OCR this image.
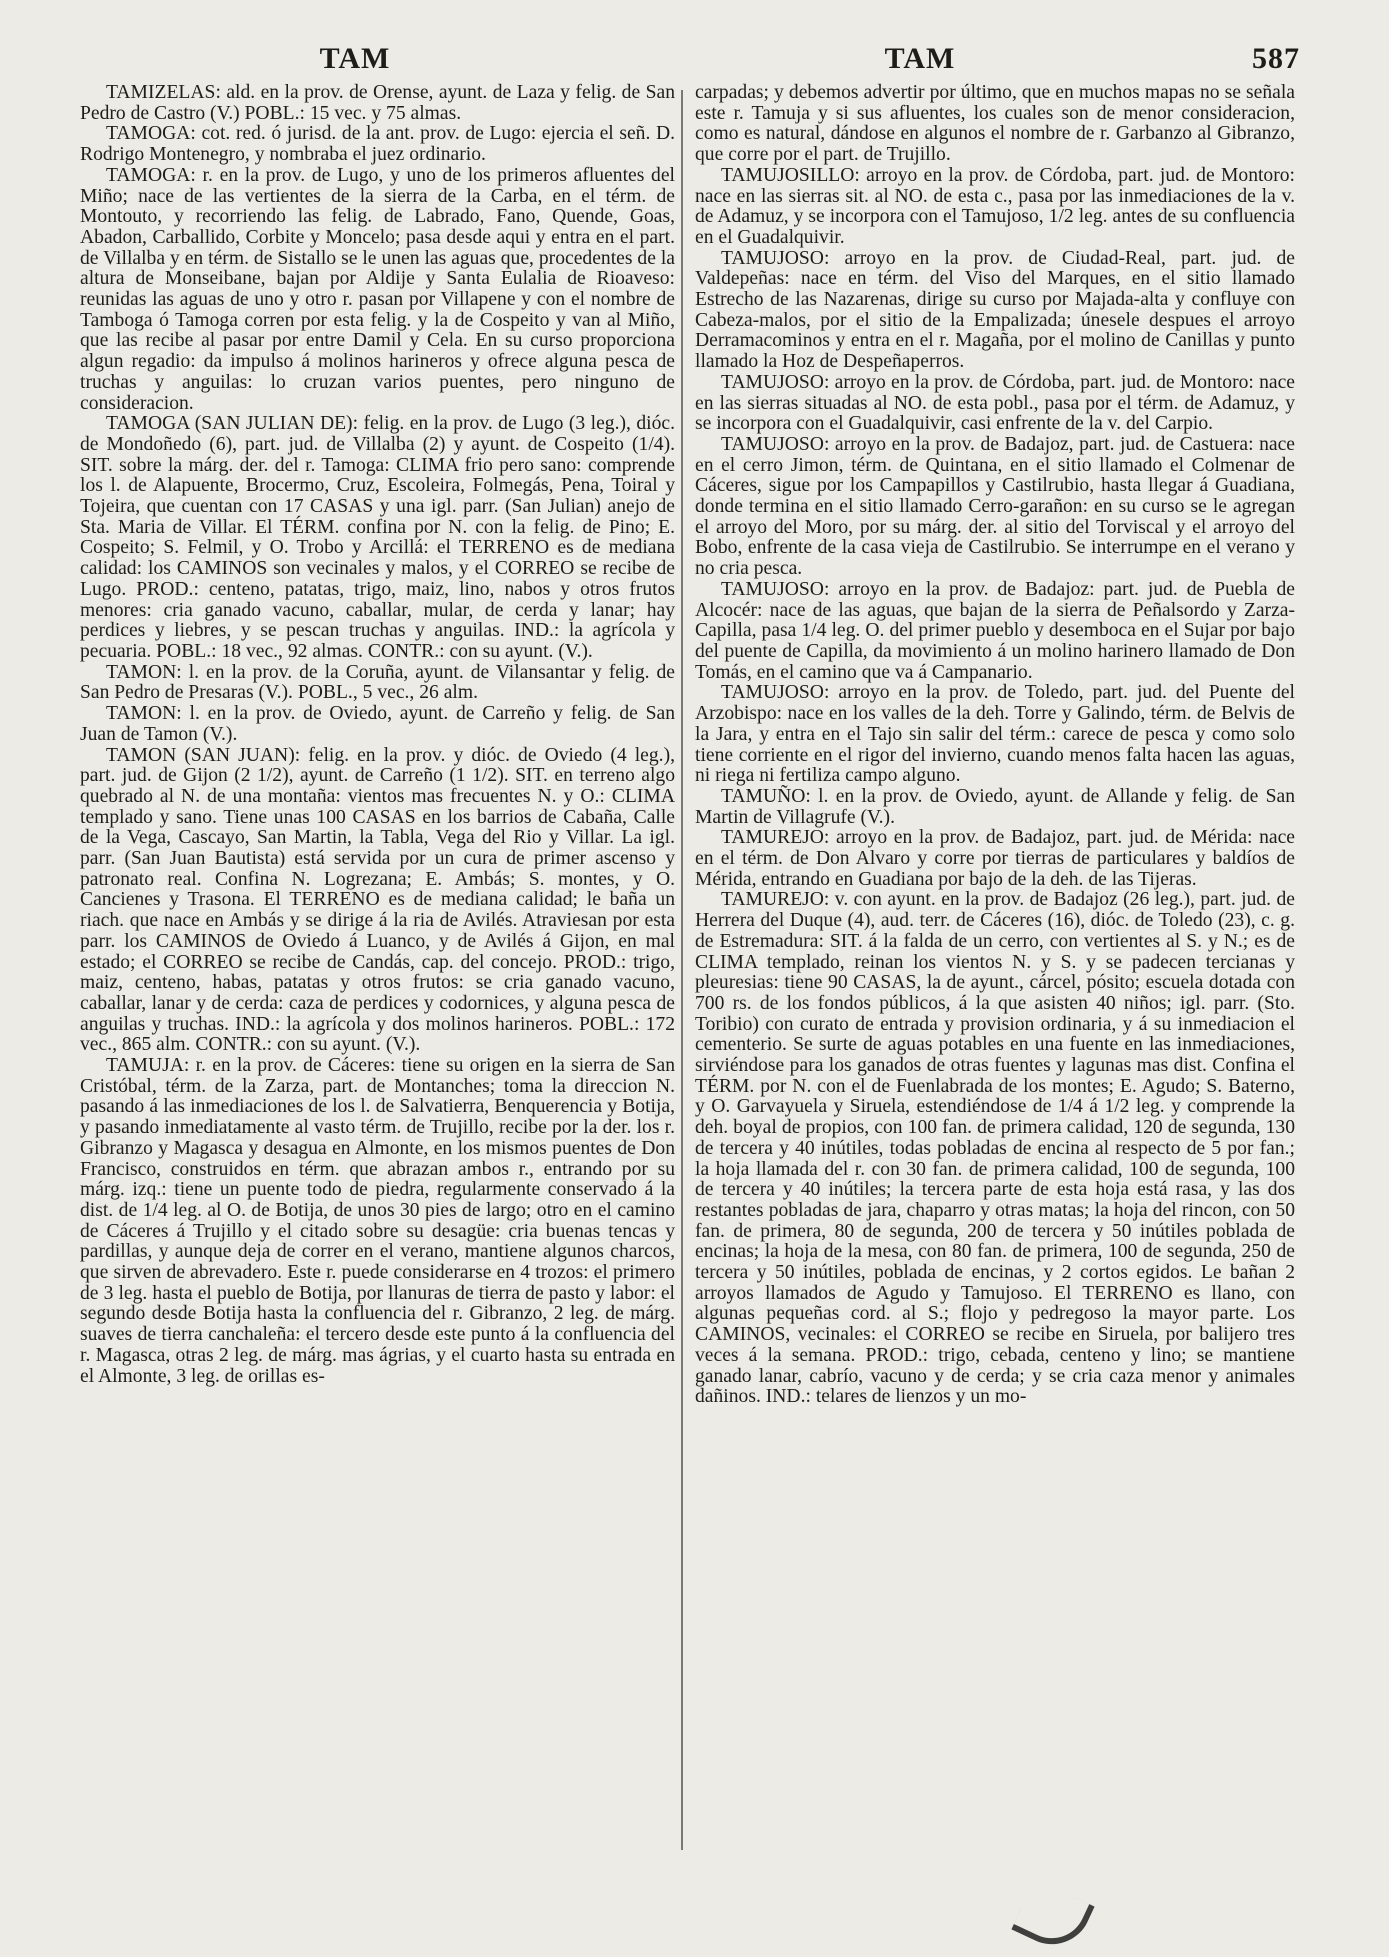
TAM	TAM	587

TAMIZELAS: ald. en la prov. de Orense, ayunt. de Laza y felig. de San Pedro de Castro (V.) POBL.: 15 vec. y 75 almas.

TAMOGA: cot. red. ó jurisd. de la ant. prov. de Lugo: ejercia el señ. D. Rodrigo Montenegro, y nombraba el juez ordinario.

TAMOGA: r. en la prov. de Lugo, y uno de los primeros afluentes del Miño; nace de las vertientes de la sierra de la Carba, en el térm. de Montouto, y recorriendo las felig. de Labrado, Fano, Quende, Goas, Abadon, Carballido, Corbite y Moncelo; pasa desde aqui y entra en el part. de Villalba y en térm. de Sistallo se le unen las aguas que, procedentes de la altura de Monseibane, bajan por Aldije y Santa Eulalia de Rioaveso: reunidas las aguas de uno y otro r. pasan por Villapene y con el nombre de Tamboga ó Tamoga corren por esta felig. y la de Cospeito y van al Miño, que las recibe al pasar por entre Damil y Cela. En su curso proporciona algun regadio: da impulso á molinos harineros y ofrece alguna pesca de truchas y anguilas: lo cruzan varios puentes, pero ninguno de consideracion.

TAMOGA (SAN JULIAN DE): felig. en la prov. de Lugo (3 leg.), dióc. de Mondoñedo (6), part. jud. de Villalba (2) y ayunt. de Cospeito (1/4). SIT. sobre la márg. der. del r. Tamoga: CLIMA frio pero sano: comprende los l. de Alapuente, Brocermo, Cruz, Escoleira, Folmegás, Pena, Toiral y Tojeira, que cuentan con 17 CASAS y una igl. parr. (San Julian) anejo de Sta. Maria de Villar. El TÉRM. confina por N. con la felig. de Pino; E. Cospeito; S. Felmil, y O. Trobo y Arcillá: el TERRENO es de mediana calidad: los CAMINOS son vecinales y malos, y el CORREO se recibe de Lugo. PROD.: centeno, patatas, trigo, maiz, lino, nabos y otros frutos menores: cria ganado vacuno, caballar, mular, de cerda y lanar; hay perdices y liebres, y se pescan truchas y anguilas. IND.: la agrícola y pecuaria. POBL.: 18 vec., 92 almas. CONTR.: con su ayunt. (V.).

TAMON: l. en la prov. de la Coruña, ayunt. de Vilansantar y felig. de San Pedro de Presaras (V.). POBL., 5 vec., 26 alm.

TAMON: l. en la prov. de Oviedo, ayunt. de Carreño y felig. de San Juan de Tamon (V.).

TAMON (SAN JUAN): felig. en la prov. y dióc. de Oviedo (4 leg.), part. jud. de Gijon (2 1/2), ayunt. de Carreño (1 1/2). SIT. en terreno algo quebrado al N. de una montaña: vientos mas frecuentes N. y O.: CLIMA templado y sano. Tiene unas 100 CASAS en los barrios de Cabaña, Calle de la Vega, Cascayo, San Martin, la Tabla, Vega del Rio y Villar. La igl. parr. (San Juan Bautista) está servida por un cura de primer ascenso y patronato real. Confina N. Logrezana; E. Ambás; S. montes, y O. Cancienes y Trasona. El TERRENO es de mediana calidad; le baña un riach. que nace en Ambás y se dirige á la ria de Avilés. Atraviesan por esta parr. los CAMINOS de Oviedo á Luanco, y de Avilés á Gijon, en mal estado; el CORREO se recibe de Candás, cap. del concejo. PROD.: trigo, maiz, centeno, habas, patatas y otros frutos: se cria ganado vacuno, caballar, lanar y de cerda: caza de perdices y codornices, y alguna pesca de anguilas y truchas. IND.: la agrícola y dos molinos harineros. POBL.: 172 vec., 865 alm. CONTR.: con su ayunt. (V.).

TAMUJA: r. en la prov. de Cáceres: tiene su origen en la sierra de San Cristóbal, térm. de la Zarza, part. de Montanches; toma la direccion N. pasando á las inmediaciones de los l. de Salvatierra, Benquerencia y Botija, y pasando inmediatamente al vasto térm. de Trujillo, recibe por la der. los r. Gibranzo y Magasca y desagua en Almonte, en los mismos puentes de Don Francisco, construidos en térm. que abrazan ambos r., entrando por su márg. izq.: tiene un puente todo de piedra, regularmente conservado á la dist. de 1/4 leg. al O. de Botija, de unos 30 pies de largo; otro en el camino de Cáceres á Trujillo y el citado sobre su desagüe: cria buenas tencas y pardillas, y aunque deja de correr en el verano, mantiene algunos charcos, que sirven de abrevadero. Este r. puede considerarse en 4 trozos: el primero de 3 leg. hasta el pueblo de Botija, por llanuras de tierra de pasto y labor: el segundo desde Botija hasta la confluencia del r. Gibranzo, 2 leg. de márg. suaves de tierra canchaleña: el tercero desde este punto á la confluencia del r. Magasca, otras 2 leg. de márg. mas ágrias, y el cuarto hasta su entrada en el Almonte, 3 leg. de orillas es-

carpadas; y debemos advertir por último, que en muchos mapas no se señala este r. Tamuja y si sus afluentes, los cuales son de menor consideracion, como es natural, dándose en algunos el nombre de r. Garbanzo al Gibranzo, que corre por el part. de Trujillo.

TAMUJOSILLO: arroyo en la prov. de Córdoba, part. jud. de Montoro: nace en las sierras sit. al NO. de esta c., pasa por las inmediaciones de la v. de Adamuz, y se incorpora con el Tamujoso, 1/2 leg. antes de su confluencia en el Guadalquivir.

TAMUJOSO: arroyo en la prov. de Ciudad-Real, part. jud. de Valdepeñas: nace en térm. del Viso del Marques, en el sitio llamado Estrecho de las Nazarenas, dirige su curso por Majada-alta y confluye con Cabeza-malos, por el sitio de la Empalizada; únesele despues el arroyo Derramacominos y entra en el r. Magaña, por el molino de Canillas y punto llamado la Hoz de Despeñaperros.

TAMUJOSO: arroyo en la prov. de Córdoba, part. jud. de Montoro: nace en las sierras situadas al NO. de esta pobl., pasa por el térm. de Adamuz, y se incorpora con el Guadalquivir, casi enfrente de la v. del Carpio.

TAMUJOSO: arroyo en la prov. de Badajoz, part. jud. de Castuera: nace en el cerro Jimon, térm. de Quintana, en el sitio llamado el Colmenar de Cáceres, sigue por los Campapillos y Castilrubio, hasta llegar á Guadiana, donde termina en el sitio llamado Cerro-garañon: en su curso se le agregan el arroyo del Moro, por su márg. der. al sitio del Torviscal y el arroyo del Bobo, enfrente de la casa vieja de Castilrubio. Se interrumpe en el verano y no cria pesca.

TAMUJOSO: arroyo en la prov. de Badajoz: part. jud. de Puebla de Alcocér: nace de las aguas, que bajan de la sierra de Peñalsordo y Zarza-Capilla, pasa 1/4 leg. O. del primer pueblo y desemboca en el Sujar por bajo del puente de Capilla, da movimiento á un molino harinero llamado de Don Tomás, en el camino que va á Campanario.

TAMUJOSO: arroyo en la prov. de Toledo, part. jud. del Puente del Arzobispo: nace en los valles de la deh. Torre y Galindo, térm. de Belvis de la Jara, y entra en el Tajo sin salir del térm.: carece de pesca y como solo tiene corriente en el rigor del invierno, cuando menos falta hacen las aguas, ni riega ni fertiliza campo alguno.

TAMUÑO: l. en la prov. de Oviedo, ayunt. de Allande y felig. de San Martin de Villagrufe (V.).

TAMUREJO: arroyo en la prov. de Badajoz, part. jud. de Mérida: nace en el térm. de Don Alvaro y corre por tierras de particulares y baldíos de Mérida, entrando en Guadiana por bajo de la deh. de las Tijeras.

TAMUREJO: v. con ayunt. en la prov. de Badajoz (26 leg.), part. jud. de Herrera del Duque (4), aud. terr. de Cáceres (16), dióc. de Toledo (23), c. g. de Estremadura: SIT. á la falda de un cerro, con vertientes al S. y N.; es de CLIMA templado, reinan los vientos N. y S. y se padecen tercianas y pleuresias: tiene 90 CASAS, la de ayunt., cárcel, pósito; escuela dotada con 700 rs. de los fondos públicos, á la que asisten 40 niños; igl. parr. (Sto. Toribio) con curato de entrada y provision ordinaria, y á su inmediacion el cementerio. Se surte de aguas potables en una fuente en las inmediaciones, sirviéndose para los ganados de otras fuentes y lagunas mas dist. Confina el TÉRM. por N. con el de Fuenlabrada de los montes; E. Agudo; S. Baterno, y O. Garvayuela y Siruela, estendiéndose de 1/4 á 1/2 leg. y comprende la deh. boyal de propios, con 100 fan. de primera calidad, 120 de segunda, 130 de tercera y 40 inútiles, todas pobladas de encina al respecto de 5 por fan.; la hoja llamada del r. con 30 fan. de primera calidad, 100 de segunda, 100 de tercera y 40 inútiles; la tercera parte de esta hoja está rasa, y las dos restantes pobladas de jara, chaparro y otras matas; la hoja del rincon, con 50 fan. de primera, 80 de segunda, 200 de tercera y 50 inútiles poblada de encinas; la hoja de la mesa, con 80 fan. de primera, 100 de segunda, 250 de tercera y 50 inútiles, poblada de encinas, y 2 cortos egidos. Le bañan 2 arroyos llamados de Agudo y Tamujoso. El TERRENO es llano, con algunas pequeñas cord. al S.; flojo y pedregoso la mayor parte. Los CAMINOS, vecinales: el CORREO se recibe en Siruela, por balijero tres veces á la semana. PROD.: trigo, cebada, centeno y lino; se mantiene ganado lanar, cabrío, vacuno y de cerda; y se cria caza menor y animales dañinos. IND.: telares de lienzos y un mo-
